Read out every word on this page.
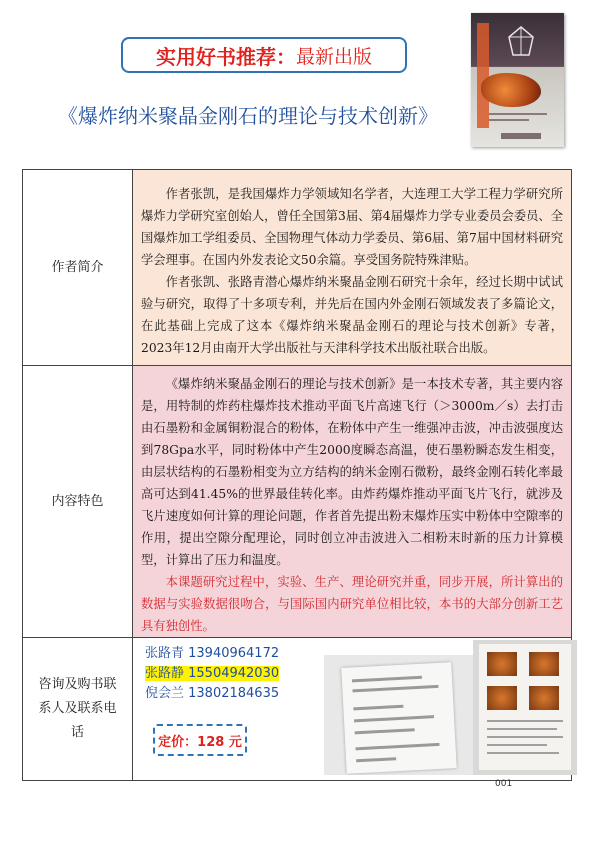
实用好书推荐： 最新出版
《爆炸纳米聚晶金刚石的理论与技术创新》
作者简介	作者张凯，是我国爆炸力学领域知名学者，大连理工大学工程力学研究所爆炸力学研究室创始人，曾任全国第3届、第4届爆炸力学专业委员会委员、全国爆炸加工学组委员、全国物理气体动力学委员、第6届、第7届中国材料研究学会理事。在国内外发表论文50余篇。享受国务院特殊津贴。

作者张凯、张路青潜心爆炸纳米聚晶金刚石研究十余年，经过长期中试试验与研究，取得了十多项专利，并先后在国内外金刚石领域发表了多篇论文，在此基础上完成了这本《爆炸纳米聚晶金刚石的理论与技术创新》专著，2023年12月由南开大学出版社与天津科学技术出版社联合出版。

内容特色	《爆炸纳米聚晶金刚石的理论与技术创新》是一本技术专著，其主要内容是，用特制的炸药柱爆炸技术推动平面飞片高速飞行（＞3000m／s）去打击由石墨粉和金属铜粉混合的粉体，在粉体中产生一维强冲击波，冲击波强度达到78Gpa水平，同时粉体中产生2000度瞬态高温，使石墨粉瞬态发生相变，由层状结构的石墨粉相变为立方结构的纳米金刚石微粉，最终金刚石转化率最高可达到41.45%的世界最佳转化率。由炸药爆炸推动平面飞片飞行，就涉及飞片速度如何计算的理论问题，作者首先提出粉末爆炸压实中粉体中空隙率的作用，提出空隙分配理论，同时创立冲击波进入二相粉末时新的压力计算模型，计算出了压力和温度。

本课题研究过程中，实验、生产、理论研究并重，同步开展，所计算出的数据与实验数据很吻合，与国际国内研究单位相比较，本书的大部分创新工艺具有独创性。

咨询及购书联系人及联系电话	张路青 13940964172
张路静 15504942030
倪会兰 13802184635
定价：128 元
001
